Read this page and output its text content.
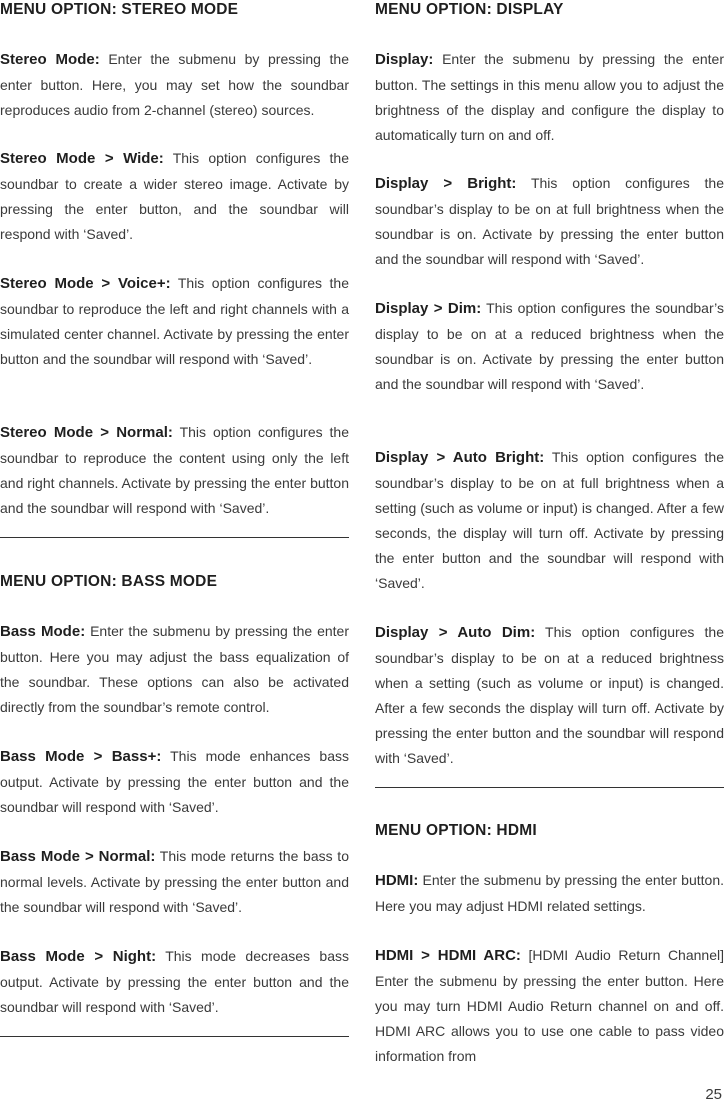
MENU OPTION: STEREO MODE

Stereo Mode: Enter the submenu by pressing the enter button. Here, you may set how the soundbar reproduces audio from 2-channel (stereo) sources.

Stereo Mode > Wide: This option configures the soundbar to create a wider stereo image. Activate by pressing the enter button, and the soundbar will respond with ‘Saved’.

Stereo Mode > Voice+: This option configures the soundbar to reproduce the left and right channels with a simulated center channel. Activate by pressing the enter button and the soundbar will respond with ‘Saved’.

Stereo Mode > Normal: This option configures the soundbar to reproduce the content using only the left and right channels. Activate by pressing the enter button and the soundbar will respond with ‘Saved’.

MENU OPTION: BASS MODE

Bass Mode: Enter the submenu by pressing the enter button. Here you may adjust the bass equalization of the soundbar. These options can also be activated directly from the soundbar’s remote control.

Bass Mode > Bass+: This mode enhances bass output. Activate by pressing the enter button and the soundbar will respond with ‘Saved’.

Bass Mode > Normal: This mode returns the bass to normal levels. Activate by pressing the enter button and the soundbar will respond with ‘Saved’.

Bass Mode > Night: This mode decreases bass output. Activate by pressing the enter button and the soundbar will respond with ‘Saved’.

MENU OPTION: DISPLAY

Display: Enter the submenu by pressing the enter button. The settings in this menu allow you to adjust the brightness of the display and configure the display to automatically turn on and off.

Display > Bright: This option configures the soundbar’s display to be on at full brightness when the soundbar is on. Activate by pressing the enter button and the soundbar will respond with ‘Saved’.

Display > Dim: This option configures the soundbar’s display to be on at a reduced brightness when the soundbar is on. Activate by pressing the enter button and the soundbar will respond with ‘Saved’.

Display > Auto Bright: This option configures the soundbar’s display to be on at full brightness when a setting (such as volume or input) is changed. After a few seconds, the display will turn off. Activate by pressing the enter button and the soundbar will respond with ‘Saved’.

Display > Auto Dim: This option configures the soundbar’s display to be on at a reduced brightness when a setting (such as volume or input) is changed. After a few seconds the display will turn off. Activate by pressing the enter button and the soundbar will respond with ‘Saved’.

MENU OPTION: HDMI

HDMI: Enter the submenu by pressing the enter button. Here you may adjust HDMI related settings.

HDMI > HDMI ARC: [HDMI Audio Return Channel] Enter the submenu by pressing the enter button. Here you may turn HDMI Audio Return channel on and off. HDMI ARC allows you to use one cable to pass video information from

25
